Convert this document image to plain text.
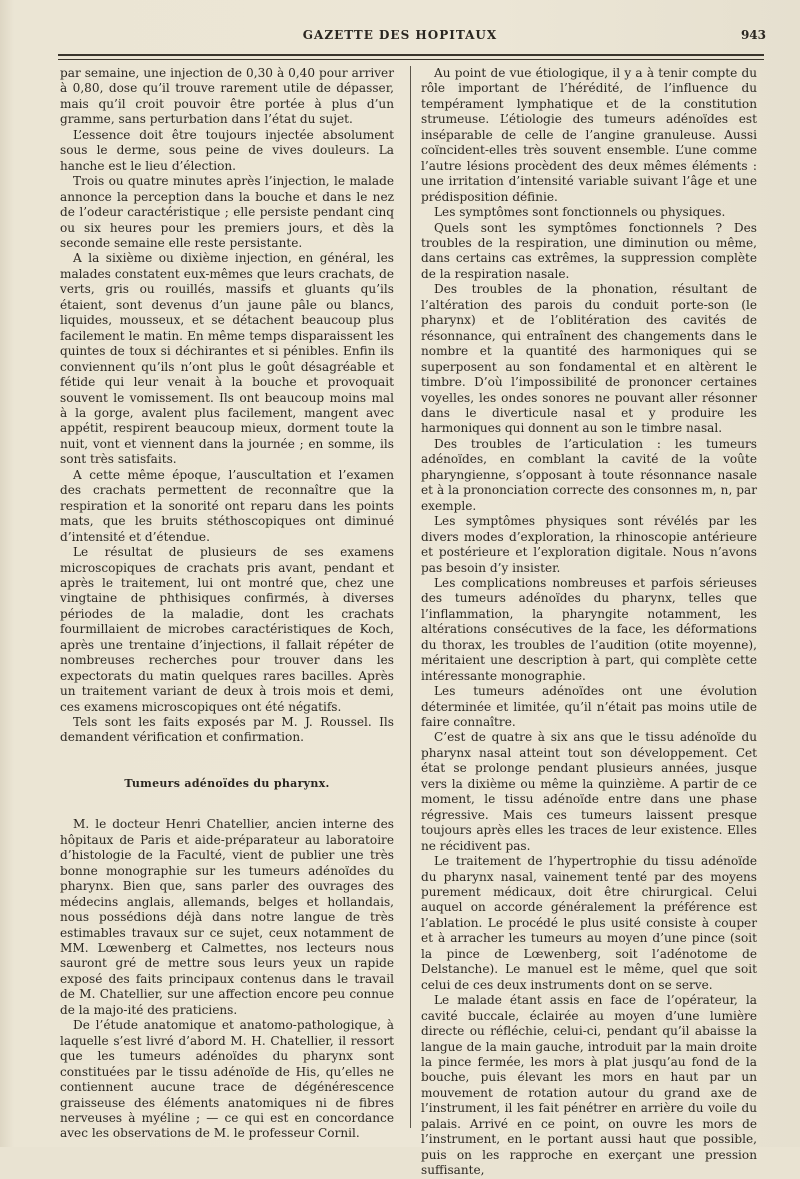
GAZETTE DES HOPITAUX	943

par semaine, une injection de 0,30 à 0,40 pour arriver à 0,80, dose qu’il trouve rarement utile de dépasser, mais qu’il croit pouvoir être portée à plus d’un gramme, sans perturbation dans l’état du sujet.

L’essence doit être toujours injectée absolument sous le derme, sous peine de vives douleurs. La hanche est le lieu d’élection.

Trois ou quatre minutes après l’injection, le malade annonce la perception dans la bouche et dans le nez de l’odeur caractéristique ; elle persiste pendant cinq ou six heures pour les premiers jours, et dès la seconde semaine elle reste persistante.

A la sixième ou dixième injection, en général, les malades constatent eux-mêmes que leurs crachats, de verts, gris ou rouillés, massifs et gluants qu’ils étaient, sont devenus d’un jaune pâle ou blancs, liquides, mousseux, et se détachent beaucoup plus facilement le matin. En même temps disparaissent les quintes de toux si déchirantes et si pénibles. Enfin ils conviennent qu’ils n’ont plus le goût désagréable et fétide qui leur venait à la bouche et provoquait souvent le vomissement. Ils ont beaucoup moins mal à la gorge, avalent plus facilement, mangent avec appétit, respirent beaucoup mieux, dorment toute la nuit, vont et viennent dans la journée ; en somme, ils sont très satisfaits.

A cette même époque, l’auscultation et l’examen des crachats permettent de reconnaître que la respiration et la sonorité ont reparu dans les points mats, que les bruits stéthoscopiques ont diminué d’intensité et d’étendue.

Le résultat de plusieurs de ses examens microscopiques de crachats pris avant, pendant et après le traitement, lui ont montré que, chez une vingtaine de phthisiques confirmés, à diverses périodes de la maladie, dont les crachats fourmillaient de microbes caractéristiques de Koch, après une trentaine d’injections, il fallait répéter de nombreuses recherches pour trouver dans les expectorats du matin quelques rares bacilles. Après un traitement variant de deux à trois mois et demi, ces examens microscopiques ont été négatifs.

Tels sont les faits exposés par M. J. Roussel. Ils demandent vérification et confirmation.

Tumeurs adénoïdes du pharynx.

M. le docteur Henri Chatellier, ancien interne des hôpitaux de Paris et aide-préparateur au laboratoire d’histologie de la Faculté, vient de publier une très bonne monographie sur les tumeurs adénoïdes du pharynx. Bien que, sans parler des ouvrages des médecins anglais, allemands, belges et hollandais, nous possédions déjà dans notre langue de très estimables travaux sur ce sujet, ceux notamment de MM. Lœwenberg et Calmettes, nos lecteurs nous sauront gré de mettre sous leurs yeux un rapide exposé des faits principaux contenus dans le travail de M. Chatellier, sur une affection encore peu connue de la majo-ité des praticiens.

De l’étude anatomique et anatomo-pathologique, à laquelle s’est livré d’abord M. H. Chatellier, il ressort que les tumeurs adénoïdes du pharynx sont constituées par le tissu adénoïde de His, qu’elles ne contiennent aucune trace de dégénérescence graisseuse des éléments anatomiques ni de fibres nerveuses à myéline ; — ce qui est en concordance avec les observations de M. le professeur Cornil.

Au point de vue étiologique, il y a à tenir compte du rôle important de l’hérédité, de l’influence du tempérament lymphatique et de la constitution strumeuse. L’étiologie des tumeurs adénoïdes est inséparable de celle de l’angine granuleuse. Aussi coïncident-elles très souvent ensemble. L’une comme l’autre lésions procèdent des deux mêmes éléments : une irritation d’intensité variable suivant l’âge et une prédisposition définie.

Les symptômes sont fonctionnels ou physiques.

Quels sont les symptômes fonctionnels ? Des troubles de la respiration, une diminution ou même, dans certains cas extrêmes, la suppression complète de la respiration nasale.

Des troubles de la phonation, résultant de l’altération des parois du conduit porte-son (le pharynx) et de l’oblitération des cavités de résonnance, qui entraînent des changements dans le nombre et la quantité des harmoniques qui se superposent au son fondamental et en altèrent le timbre. D’où l’impossibilité de prononcer certaines voyelles, les ondes sonores ne pouvant aller résonner dans le diverticule nasal et y produire les harmoniques qui donnent au son le timbre nasal.

Des troubles de l’articulation : les tumeurs adénoïdes, en comblant la cavité de la voûte pharyngienne, s’opposant à toute résonnance nasale et à la prononciation correcte des consonnes m, n, par exemple.

Les symptômes physiques sont révélés par les divers modes d’exploration, la rhinoscopie antérieure et postérieure et l’exploration digitale. Nous n’avons pas besoin d’y insister.

Les complications nombreuses et parfois sérieuses des tumeurs adénoïdes du pharynx, telles que l’inflammation, la pharyngite notamment, les altérations consécutives de la face, les déformations du thorax, les troubles de l’audition (otite moyenne), méritaient une description à part, qui complète cette intéressante monographie.

Les tumeurs adénoïdes ont une évolution déterminée et limitée, qu’il n’était pas moins utile de faire connaître.

C’est de quatre à six ans que le tissu adénoïde du pharynx nasal atteint tout son développement. Cet état se prolonge pendant plusieurs années, jusque vers la dixième ou même la quinzième. A partir de ce moment, le tissu adénoïde entre dans une phase régressive. Mais ces tumeurs laissent presque toujours après elles les traces de leur existence. Elles ne récidivent pas.

Le traitement de l’hypertrophie du tissu adénoïde du pharynx nasal, vainement tenté par des moyens purement médicaux, doit être chirurgical. Celui auquel on accorde généralement la préférence est l’ablation. Le procédé le plus usité consiste à couper et à arracher les tumeurs au moyen d’une pince (soit la pince de Lœwenberg, soit l’adénotome de Delstanche). Le manuel est le même, quel que soit celui de ces deux instruments dont on se serve.

Le malade étant assis en face de l’opérateur, la cavité buccale, éclairée au moyen d’une lumière directe ou réfléchie, celui-ci, pendant qu’il abaisse la langue de la main gauche, introduit par la main droite la pince fermée, les mors à plat jusqu’au fond de la bouche, puis élevant les mors en haut par un mouvement de rotation autour du grand axe de l’instrument, il les fait pénétrer en arrière du voile du palais. Arrivé en ce point, on ouvre les mors de l’instrument, en le portant aussi haut que possible, puis on les rapproche en exerçant une pression suffisante,
